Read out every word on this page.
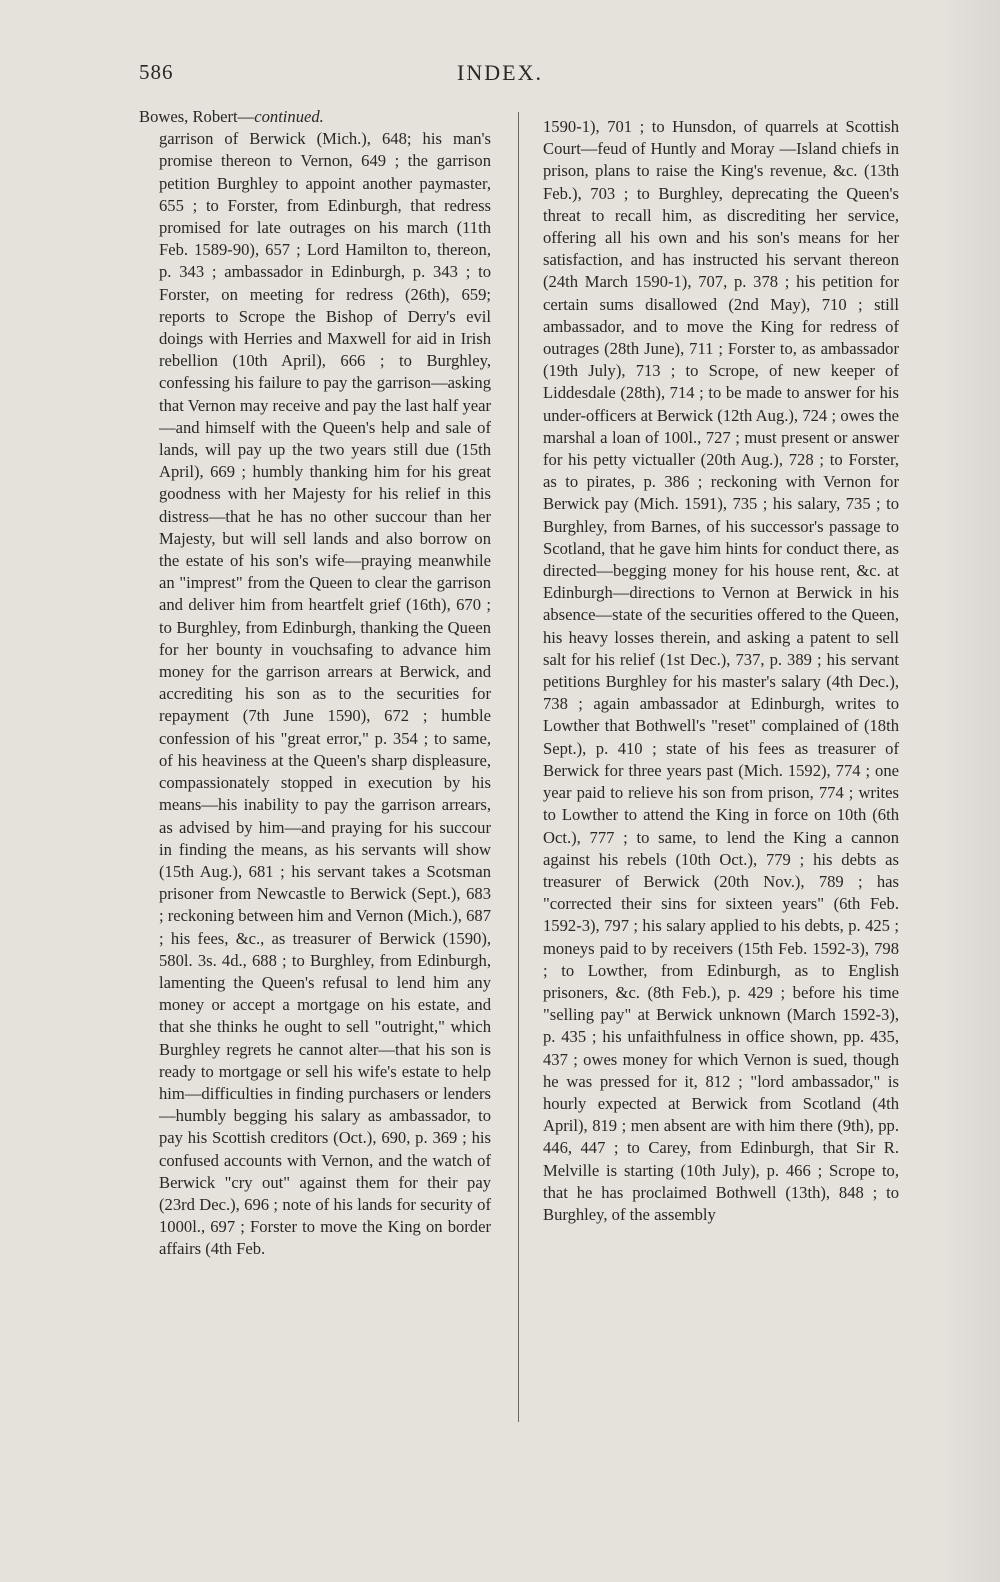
586	INDEX.
Bowes, Robert—continued.
garrison of Berwick (Mich.), 648; his man's promise thereon to Vernon, 649 ; the garrison petition Burghley to appoint another paymaster, 655 ; to Forster, from Edinburgh, that redress promised for late outrages on his march (11th Feb. 1589-90), 657 ; Lord Hamilton to, thereon, p. 343 ; ambassador in Edinburgh, p. 343 ; to Forster, on meeting for redress (26th), 659; reports to Scrope the Bishop of Derry's evil doings with Herries and Maxwell for aid in Irish rebellion (10th April), 666 ; to Burghley, confessing his failure to pay the garrison—asking that Vernon may receive and pay the last half year—and himself with the Queen's help and sale of lands, will pay up the two years still due (15th April), 669 ; humbly thanking him for his great goodness with her Majesty for his relief in this distress—that he has no other succour than her Majesty, but will sell lands and also borrow on the estate of his son's wife—praying meanwhile an "imprest" from the Queen to clear the garrison and deliver him from heartfelt grief (16th), 670 ; to Burghley, from Edinburgh, thanking the Queen for her bounty in vouchsafing to advance him money for the garrison arrears at Berwick, and accrediting his son as to the securities for repayment (7th June 1590), 672 ; humble confession of his "great error," p. 354 ; to same, of his heaviness at the Queen's sharp displeasure, compassionately stopped in execution by his means—his inability to pay the garrison arrears, as advised by him—and praying for his succour in finding the means, as his servants will show (15th Aug.), 681 ; his servant takes a Scotsman prisoner from Newcastle to Berwick (Sept.), 683 ; reckoning between him and Vernon (Mich.), 687 ; his fees, &c., as treasurer of Berwick (1590), 580l. 3s. 4d., 688 ; to Burghley, from Edinburgh, lamenting the Queen's refusal to lend him any money or accept a mortgage on his estate, and that she thinks he ought to sell "outright," which Burghley regrets he cannot alter—that his son is ready to mortgage or sell his wife's estate to help him—difficulties in finding purchasers or lenders—humbly begging his salary as ambassador, to pay his Scottish creditors (Oct.), 690, p. 369 ; his confused accounts with Vernon, and the watch of Berwick "cry out" against them for their pay (23rd Dec.), 696 ; note of his lands for security of 1000l., 697 ; Forster to move the King on border affairs (4th Feb.
1590-1), 701 ; to Hunsdon, of quarrels at Scottish Court—feud of Huntly and Moray —Island chiefs in prison, plans to raise the King's revenue, &c. (13th Feb.), 703 ; to Burghley, deprecating the Queen's threat to recall him, as discrediting her service, offering all his own and his son's means for her satisfaction, and has instructed his servant thereon (24th March 1590-1), 707, p. 378 ; his petition for certain sums disallowed (2nd May), 710 ; still ambassador, and to move the King for redress of outrages (28th June), 711 ; Forster to, as ambassador (19th July), 713 ; to Scrope, of new keeper of Liddesdale (28th), 714 ; to be made to answer for his under-officers at Berwick (12th Aug.), 724 ; owes the marshal a loan of 100l., 727 ; must present or answer for his petty victualler (20th Aug.), 728 ; to Forster, as to pirates, p. 386 ; reckoning with Vernon for Berwick pay (Mich. 1591), 735 ; his salary, 735 ; to Burghley, from Barnes, of his successor's passage to Scotland, that he gave him hints for conduct there, as directed—begging money for his house rent, &c. at Edinburgh—directions to Vernon at Berwick in his absence—state of the securities offered to the Queen, his heavy losses therein, and asking a patent to sell salt for his relief (1st Dec.), 737, p. 389 ; his servant petitions Burghley for his master's salary (4th Dec.), 738 ; again ambassador at Edinburgh, writes to Lowther that Bothwell's "reset" complained of (18th Sept.), p. 410 ; state of his fees as treasurer of Berwick for three years past (Mich. 1592), 774 ; one year paid to relieve his son from prison, 774 ; writes to Lowther to attend the King in force on 10th (6th Oct.), 777 ; to same, to lend the King a cannon against his rebels (10th Oct.), 779 ; his debts as treasurer of Berwick (20th Nov.), 789 ; has "corrected their sins for sixteen years" (6th Feb. 1592-3), 797 ; his salary applied to his debts, p. 425 ; moneys paid to by receivers (15th Feb. 1592-3), 798 ; to Lowther, from Edinburgh, as to English prisoners, &c. (8th Feb.), p. 429 ; before his time "selling pay" at Berwick unknown (March 1592-3), p. 435 ; his unfaithfulness in office shown, pp. 435, 437 ; owes money for which Vernon is sued, though he was pressed for it, 812 ; "lord ambassador," is hourly expected at Berwick from Scotland (4th April), 819 ; men absent are with him there (9th), pp. 446, 447 ; to Carey, from Edinburgh, that Sir R. Melville is starting (10th July), p. 466 ; Scrope to, that he has proclaimed Bothwell (13th), 848 ; to Burghley, of the assembly
